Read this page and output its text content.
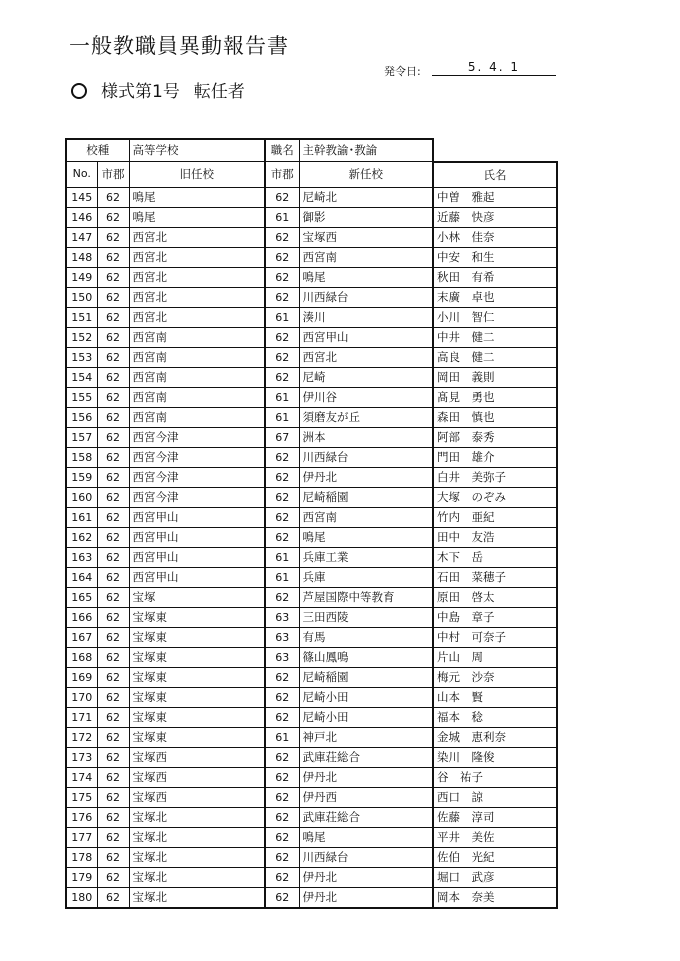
一般教職員異動報告書
発令日:	5. 4. 1
様式第1号 転任者
校種		高等学校	職名	主幹教諭･教諭	
No.	市郡	旧任校	市郡	新任校	氏名
145	62	鳴尾	62	尼崎北	中曽　雅起
146	62	鳴尾	61	御影	近藤　快彦
147	62	西宮北	62	宝塚西	小林　佳奈
148	62	西宮北	62	西宮南	中安　和生
149	62	西宮北	62	鳴尾	秋田　有希
150	62	西宮北	62	川西緑台	末廣　卓也
151	62	西宮北	61	湊川	小川　智仁
152	62	西宮南	62	西宮甲山	中井　健二
153	62	西宮南	62	西宮北	高良　健二
154	62	西宮南	62	尼崎	岡田　義則
155	62	西宮南	61	伊川谷	髙見　勇也
156	62	西宮南	61	須磨友が丘	森田　慎也
157	62	西宮今津	67	洲本	阿部　泰秀
158	62	西宮今津	62	川西緑台	門田　雄介
159	62	西宮今津	62	伊丹北	白井　美弥子
160	62	西宮今津	62	尼崎稲園	大塚　のぞみ
161	62	西宮甲山	62	西宮南	竹内　亜紀
162	62	西宮甲山	62	鳴尾	田中　友浩
163	62	西宮甲山	61	兵庫工業	木下　岳
164	62	西宮甲山	61	兵庫	石田　菜穂子
165	62	宝塚	62	芦屋国際中等教育	原田　啓太
166	62	宝塚東	63	三田西陵	中島　章子
167	62	宝塚東	63	有馬	中村　可奈子
168	62	宝塚東	63	篠山鳳鳴	片山　周
169	62	宝塚東	62	尼崎稲園	梅元　沙奈
170	62	宝塚東	62	尼崎小田	山本　賢
171	62	宝塚東	62	尼崎小田	福本　稔
172	62	宝塚東	61	神戸北	金城　恵利奈
173	62	宝塚西	62	武庫荘総合	染川　隆俊
174	62	宝塚西	62	伊丹北	谷　祐子
175	62	宝塚西	62	伊丹西	西口　諒
176	62	宝塚北	62	武庫荘総合	佐藤　淳司
177	62	宝塚北	62	鳴尾	平井　美佐
178	62	宝塚北	62	川西緑台	佐伯　光紀
179	62	宝塚北	62	伊丹北	堀口　武彦
180	62	宝塚北	62	伊丹北	岡本　奈美
